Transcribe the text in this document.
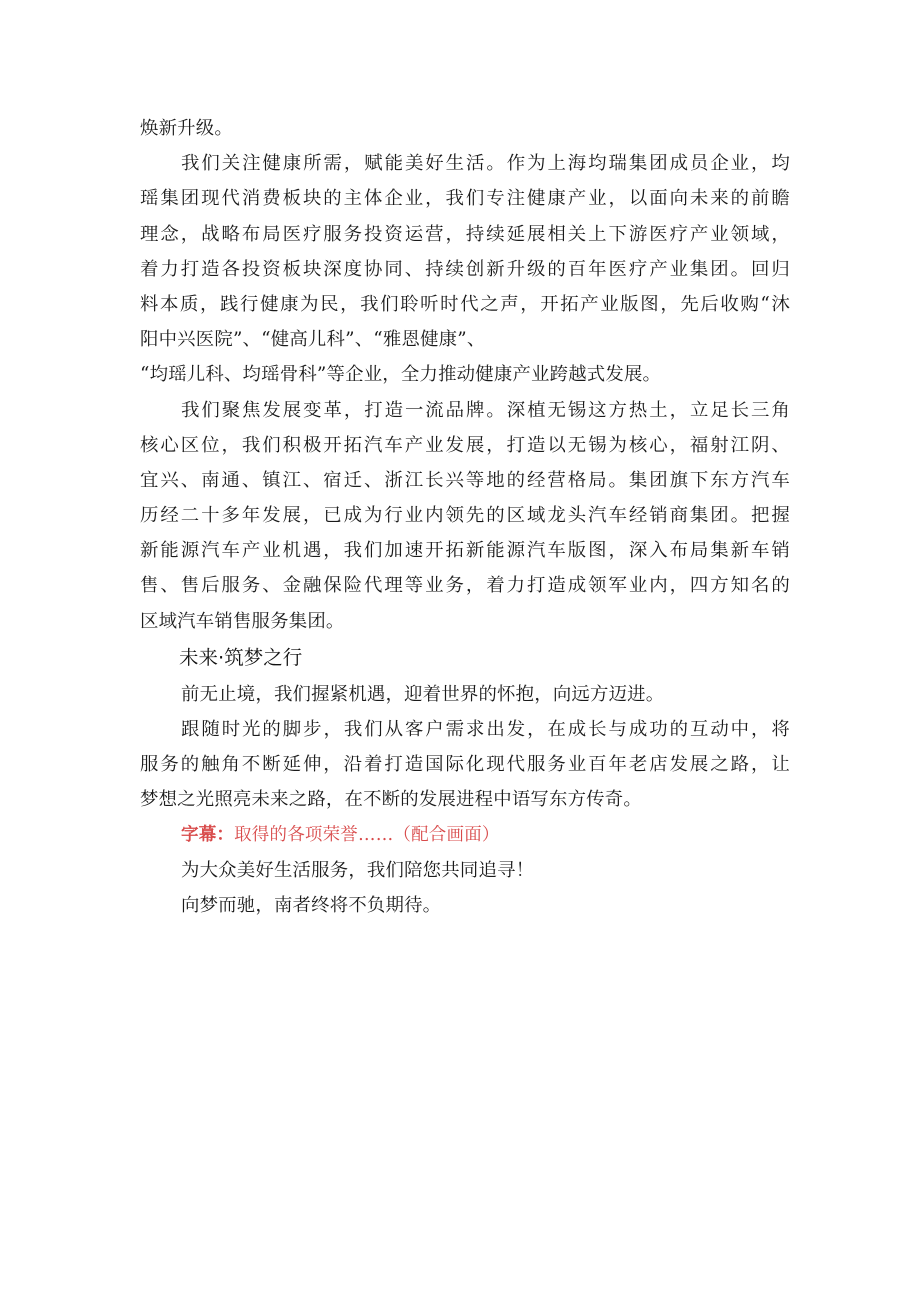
焕新升级。
我们关注健康所需，赋能美好生活。作为上海均瑞集团成员企业，均
瑶集团现代消费板块的主体企业，我们专注健康产业，以面向未来的前瞻
理念，战略布局医疗服务投资运营，持续延展相关上下游医疗产业领域，
着力打造各投资板块深度协同、持续创新升级的百年医疗产业集团。回归
料本质，践行健康为民，我们聆听时代之声，开拓产业版图，先后收购“沐
阳中兴医院”、“健高儿科”、“雅恩健康”、
“均瑶儿科、均瑶骨科”等企业，全力推动健康产业跨越式发展。
我们聚焦发展变革，打造一流品牌。深植无锡这方热土，立足长三角
核心区位，我们积极开拓汽车产业发展，打造以无锡为核心，福射江阴、
宜兴、南通、镇江、宿迁、浙江长兴等地的经营格局。集团旗下东方汽车
历经二十多年发展，已成为行业内领先的区域龙头汽车经销商集团。把握
新能源汽车产业机遇，我们加速开拓新能源汽车版图，深入布局集新车销
售、售后服务、金融保险代理等业务，着力打造成领军业内，四方知名的
区域汽车销售服务集团。
未来·筑梦之行
前无止境，我们握紧机遇，迎着世界的怀抱，向远方迈进。
跟随时光的脚步，我们从客户需求出发，在成长与成功的互动中，将
服务的触角不断延伸，沿着打造国际化现代服务业百年老店发展之路，让
梦想之光照亮未来之路，在不断的发展进程中语写东方传奇。
字幕：取得的各项荣誉……（配合画面）
为大众美好生活服务，我们陪您共同追寻！
向梦而驰，南者终将不负期待。
